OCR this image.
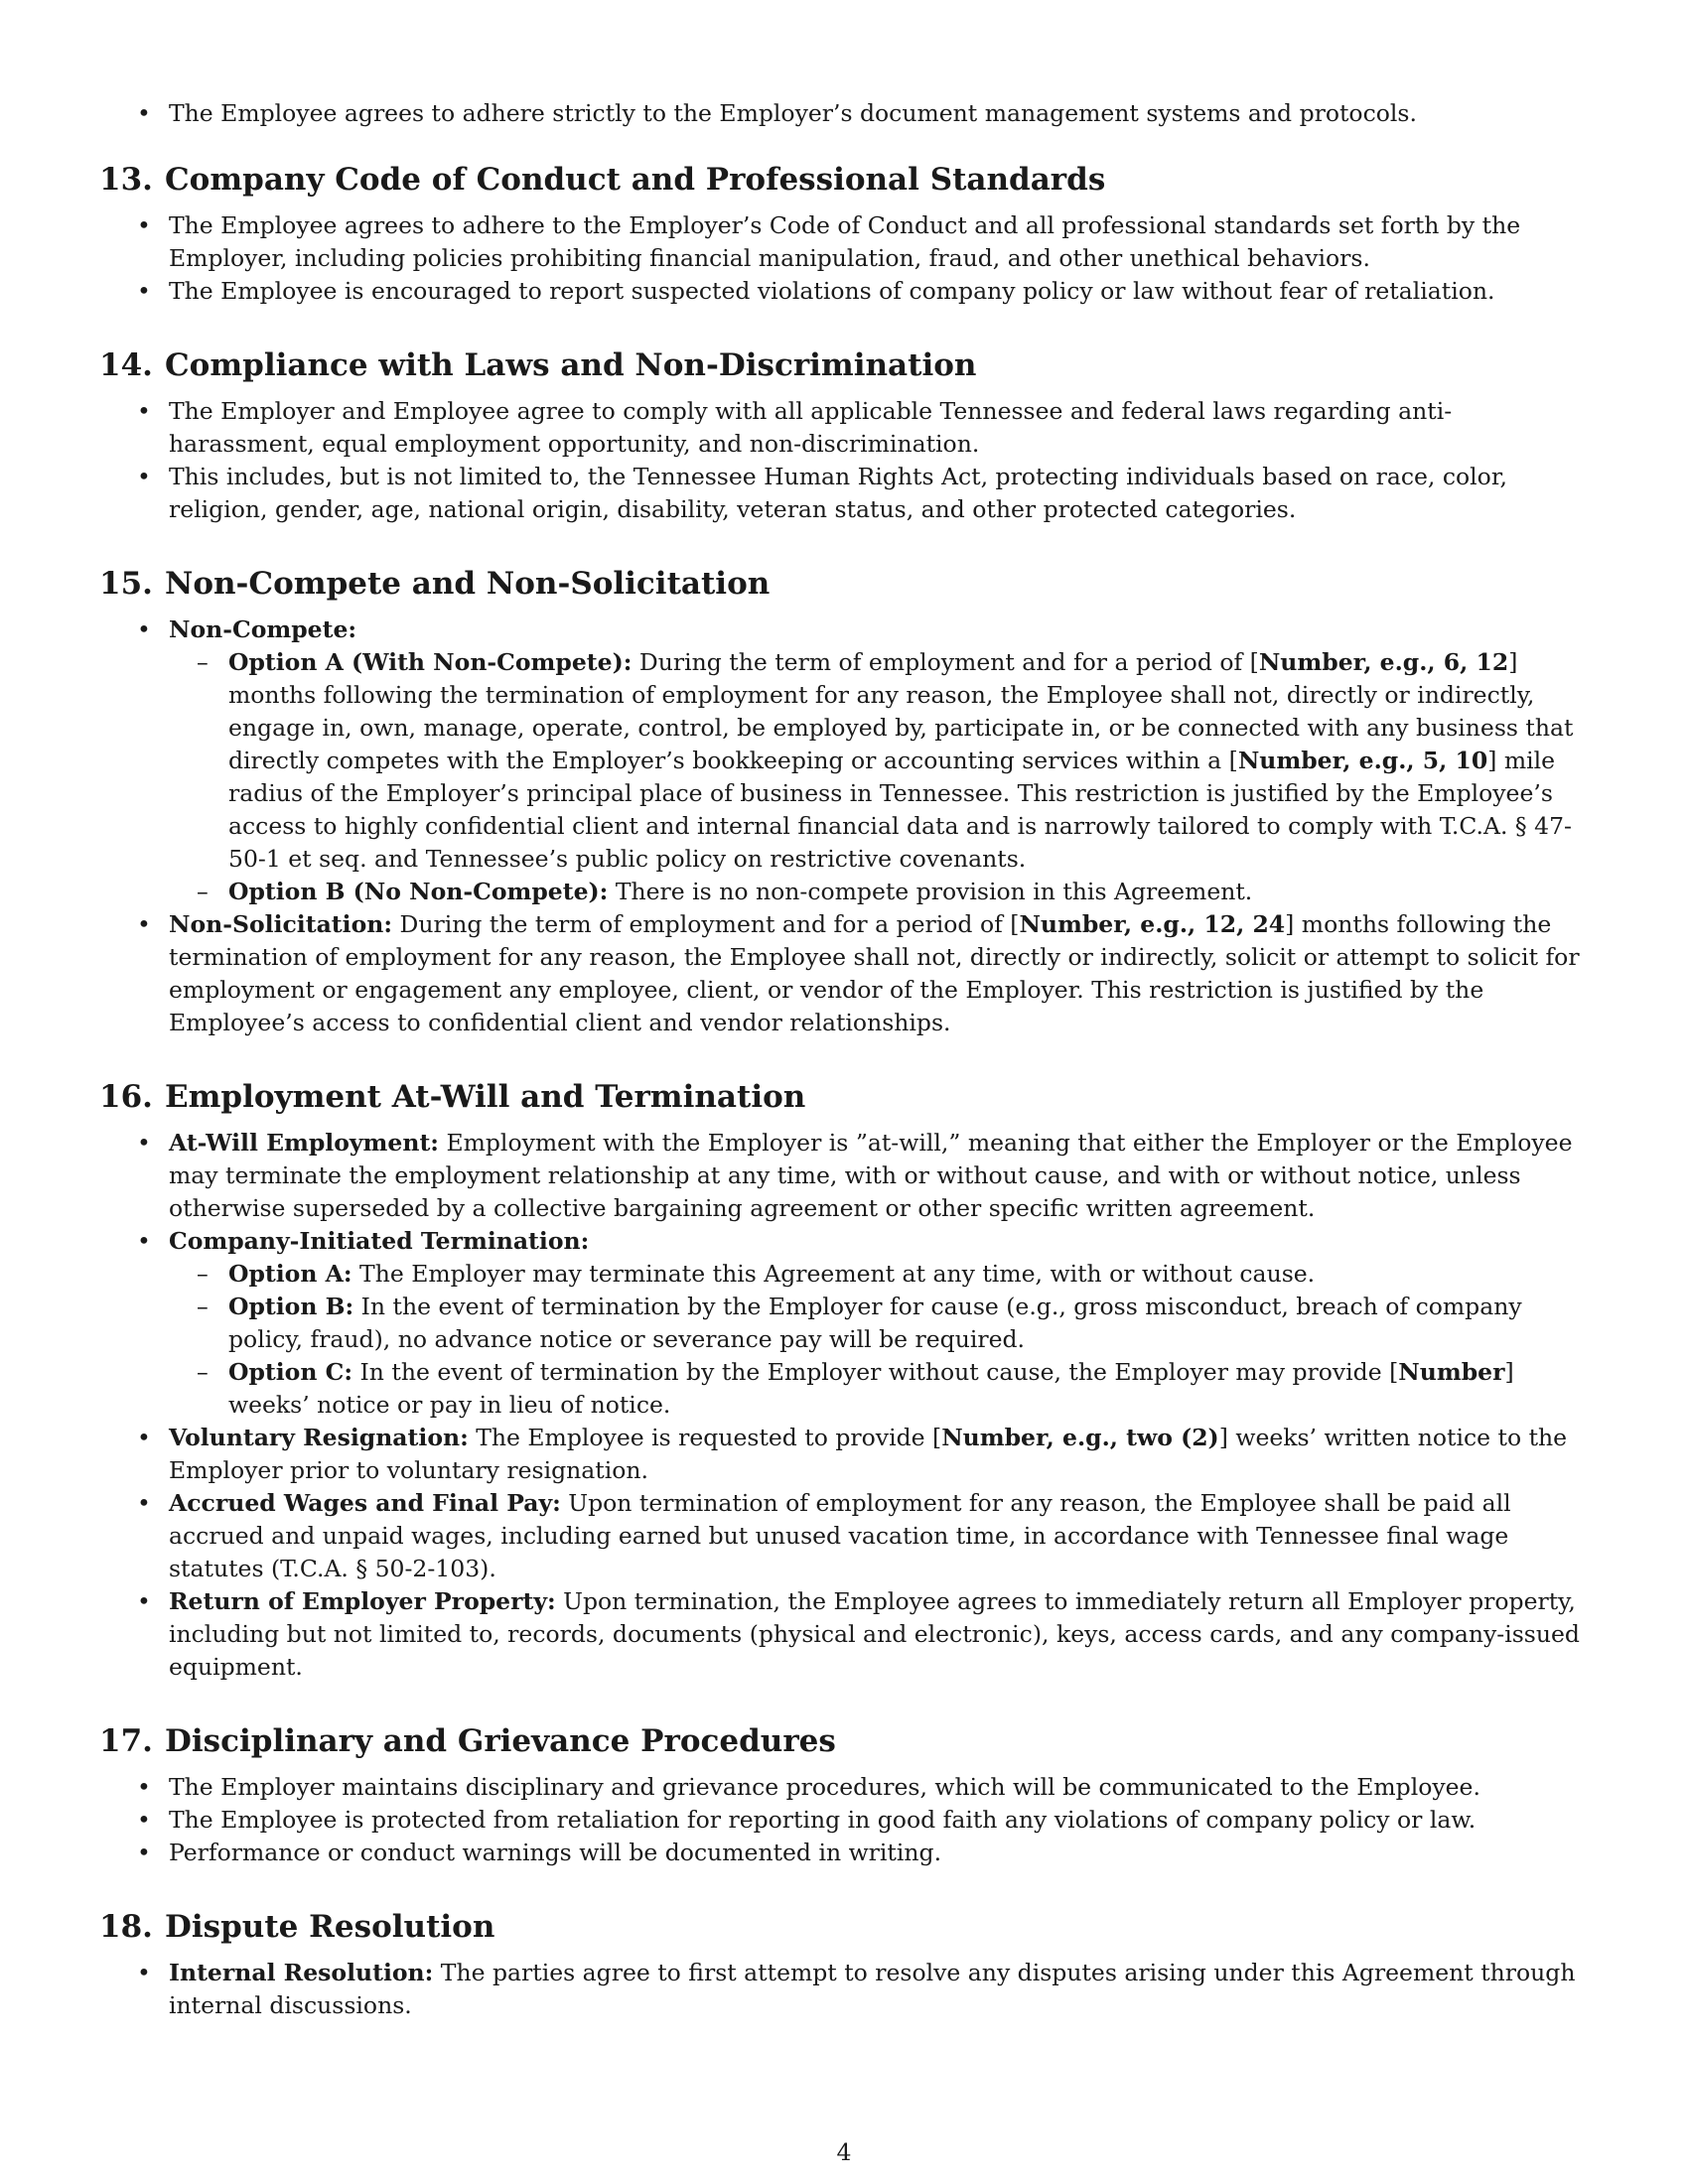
• The Employee agrees to adhere strictly to the Employer’s document management systems and protocols.
13. Company Code of Conduct and Professional Standards
• The Employee agrees to adhere to the Employer’s Code of Conduct and all professional standards set forth by the Employer, including policies prohibiting financial manipulation, fraud, and other unethical behaviors.
• The Employee is encouraged to report suspected violations of company policy or law without fear of retaliation.
14. Compliance with Laws and Non-Discrimination
• The Employer and Employee agree to comply with all applicable Tennessee and federal laws regarding anti-harassment, equal employment opportunity, and non-discrimination.
• This includes, but is not limited to, the Tennessee Human Rights Act, protecting individuals based on race, color, religion, gender, age, national origin, disability, veteran status, and other protected categories.
15. Non-Compete and Non-Solicitation
• Non-Compete:
– Option A (With Non-Compete): During the term of employment and for a period of [Number, e.g., 6, 12] months following the termination of employment for any reason, the Employee shall not, directly or indirectly, engage in, own, manage, operate, control, be employed by, participate in, or be connected with any business that directly competes with the Employer’s bookkeeping or accounting services within a [Number, e.g., 5, 10] mile radius of the Employer’s principal place of business in Tennessee. This restriction is justified by the Employee’s access to highly confidential client and internal financial data and is narrowly tailored to comply with T.C.A. § 47-50-1 et seq. and Tennessee’s public policy on restrictive covenants.
– Option B (No Non-Compete): There is no non-compete provision in this Agreement.
• Non-Solicitation: During the term of employment and for a period of [Number, e.g., 12, 24] months following the termination of employment for any reason, the Employee shall not, directly or indirectly, solicit or attempt to solicit for employment or engagement any employee, client, or vendor of the Employer. This restriction is justified by the Employee’s access to confidential client and vendor relationships.
16. Employment At-Will and Termination
• At-Will Employment: Employment with the Employer is ”at-will,” meaning that either the Employer or the Employee may terminate the employment relationship at any time, with or without cause, and with or without notice, unless otherwise superseded by a collective bargaining agreement or other specific written agreement.
• Company-Initiated Termination:
– Option A: The Employer may terminate this Agreement at any time, with or without cause.
– Option B: In the event of termination by the Employer for cause (e.g., gross misconduct, breach of company policy, fraud), no advance notice or severance pay will be required.
– Option C: In the event of termination by the Employer without cause, the Employer may provide [Number] weeks’ notice or pay in lieu of notice.
• Voluntary Resignation: The Employee is requested to provide [Number, e.g., two (2)] weeks’ written notice to the Employer prior to voluntary resignation.
• Accrued Wages and Final Pay: Upon termination of employment for any reason, the Employee shall be paid all accrued and unpaid wages, including earned but unused vacation time, in accordance with Tennessee final wage statutes (T.C.A. § 50-2-103).
• Return of Employer Property: Upon termination, the Employee agrees to immediately return all Employer property, including but not limited to, records, documents (physical and electronic), keys, access cards, and any company-issued equipment.
17. Disciplinary and Grievance Procedures
• The Employer maintains disciplinary and grievance procedures, which will be communicated to the Employee.
• The Employee is protected from retaliation for reporting in good faith any violations of company policy or law.
• Performance or conduct warnings will be documented in writing.
18. Dispute Resolution
• Internal Resolution: The parties agree to first attempt to resolve any disputes arising under this Agreement through internal discussions.
4
